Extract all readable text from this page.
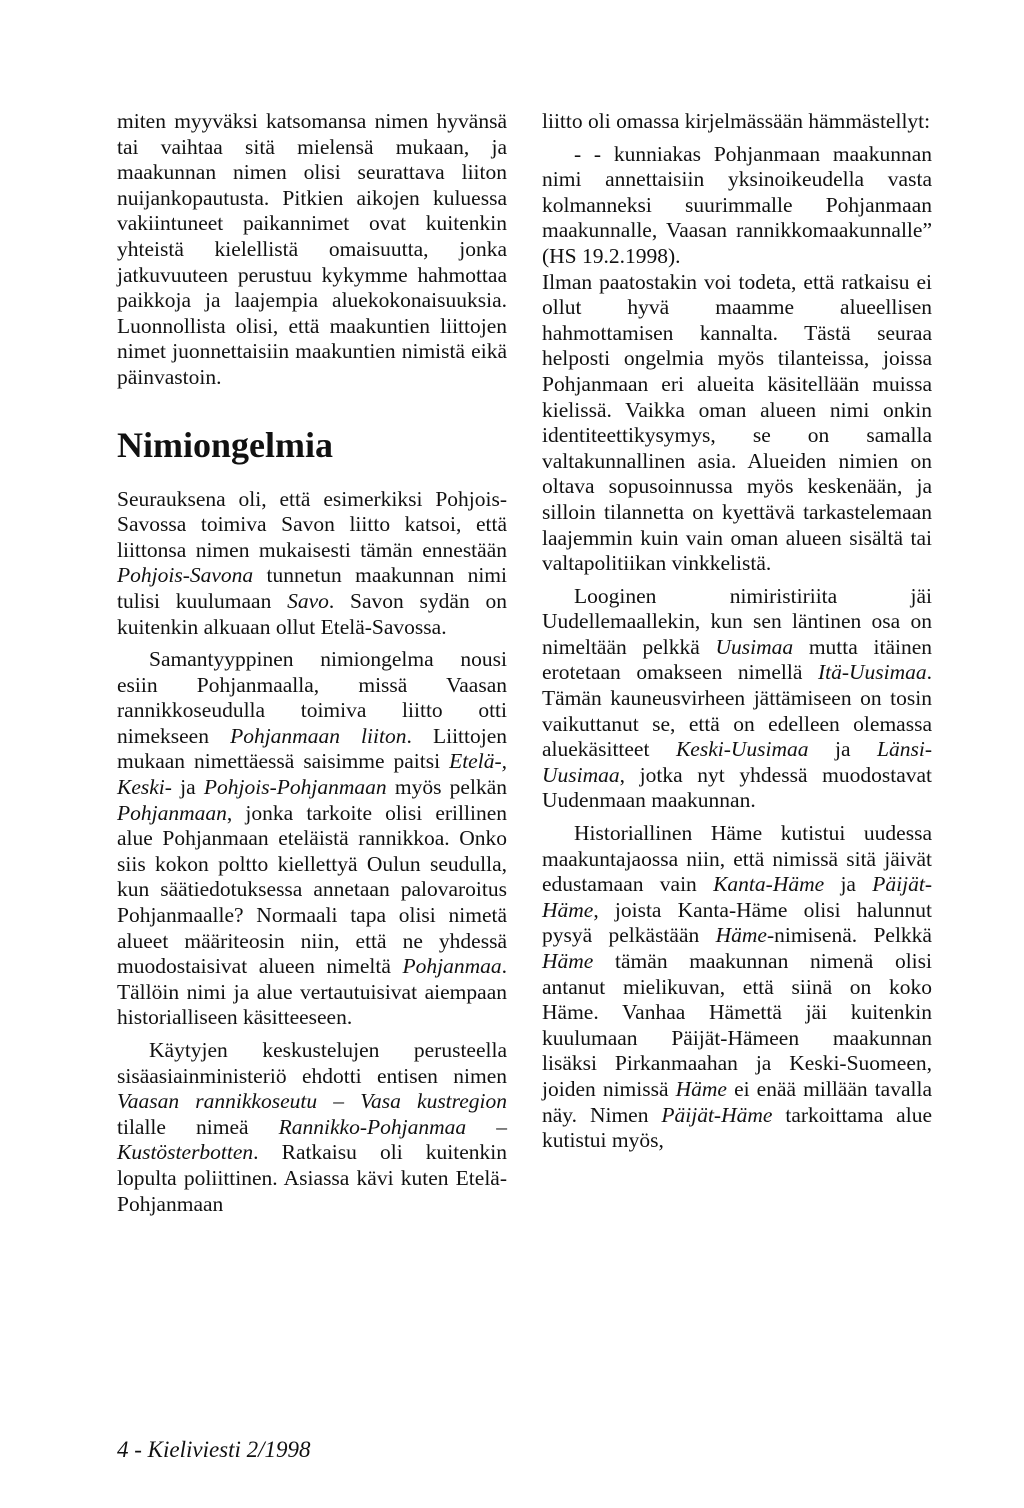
miten myyväksi katsomansa nimen hyvänsä tai vaihtaa sitä mielensä mukaan, ja maakunnan nimen olisi seurattava liiton nuijankopautusta. Pitkien aikojen kuluessa vakiintuneet paikannimet ovat kuitenkin yhteistä kielellistä omaisuutta, jonka jatkuvuuteen perustuu kykymme hahmottaa paikkoja ja laajempia aluekokonaisuuksia. Luonnollista olisi, että maakuntien liittojen nimet juonnettaisiin maakuntien nimistä eikä päinvastoin.

Nimiongelmia

Seurauksena oli, että esimerkiksi Pohjois-Savossa toimiva Savon liitto katsoi, että liittonsa nimen mukaisesti tämän ennestään Pohjois-Savona tunnetun maakunnan nimi tulisi kuulumaan Savo. Savon sydän on kuitenkin alkuaan ollut Etelä-Savossa.

Samantyyppinen nimiongelma nousi esiin Pohjanmaalla, missä Vaasan rannikkoseudulla toimiva liitto otti nimekseen Pohjanmaan liiton. Liittojen mukaan nimettäessä saisimme paitsi Etelä-, Keski- ja Pohjois-Pohjanmaan myös pelkän Pohjanmaan, jonka tarkoite olisi erillinen alue Pohjanmaan eteläistä rannikkoa. Onko siis kokon poltto kiellettyä Oulun seudulla, kun säätiedotuksessa annetaan palovaroitus Pohjanmaalle? Normaali tapa olisi nimetä alueet määriteosin niin, että ne yhdessä muodostaisivat alueen nimeltä Pohjanmaa. Tällöin nimi ja alue vertautuisivat aiempaan historialliseen käsitteeseen.

Käytyjen keskustelujen perusteella sisäasiainministeriö ehdotti entisen nimen Vaasan rannikkoseutu – Vasa kustregion tilalle nimeä Rannikko-Pohjanmaa – Kustösterbotten. Ratkaisu oli kuitenkin lopulta poliittinen. Asiassa kävi kuten Etelä-Pohjanmaan

liitto oli omassa kirjelmässään hämmästellyt:

- - kunniakas Pohjanmaan maakunnan nimi annettaisiin yksinoikeudella vasta kolmanneksi suurimmalle Pohjanmaan maakunnalle, Vaasan rannikkomaakunnalle” (HS 19.2.1998).

Ilman paatostakin voi todeta, että ratkaisu ei ollut hyvä maamme alueellisen hahmottamisen kannalta. Tästä seuraa helposti ongelmia myös tilanteissa, joissa Pohjanmaan eri alueita käsitellään muissa kielissä. Vaikka oman alueen nimi onkin identiteettikysymys, se on samalla valtakunnallinen asia. Alueiden nimien on oltava sopusoinnussa myös keskenään, ja silloin tilannetta on kyettävä tarkastelemaan laajemmin kuin vain oman alueen sisältä tai valtapolitiikan vinkkelistä.

Looginen nimiristiriita jäi Uudellemaallekin, kun sen läntinen osa on nimeltään pelkkä Uusimaa mutta itäinen erotetaan omakseen nimellä Itä-Uusimaa. Tämän kauneusvirheen jättämiseen on tosin vaikuttanut se, että on edelleen olemassa aluekäsitteet Keski-Uusimaa ja Länsi-Uusimaa, jotka nyt yhdessä muodostavat Uudenmaan maakunnan.

Historiallinen Häme kutistui uudessa maakuntajaossa niin, että nimissä sitä jäivät edustamaan vain Kanta-Häme ja Päijät-Häme, joista Kanta-Häme olisi halunnut pysyä pelkästään Häme-nimisenä. Pelkkä Häme tämän maakunnan nimenä olisi antanut mielikuvan, että siinä on koko Häme. Vanhaa Hämettä jäi kuitenkin kuulumaan Päijät-Hämeen maakunnan lisäksi Pirkanmaahan ja Keski-Suomeen, joiden nimissä Häme ei enää millään tavalla näy. Nimen Päijät-Häme tarkoittama alue kutistui myös,

4 - Kieliviesti 2/1998
